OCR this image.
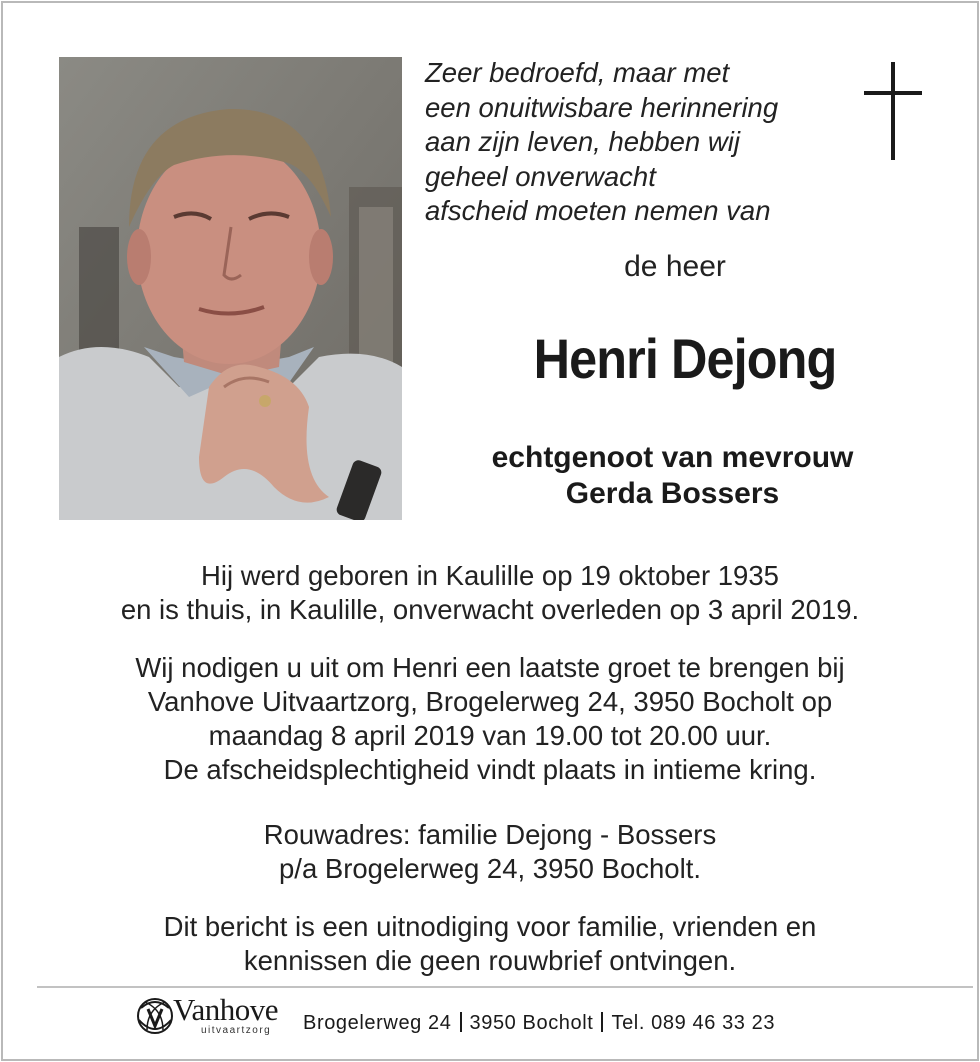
Zeer bedroefd, maar met
een onuitwisbare herinnering
aan zijn leven, hebben wij
geheel onverwacht
afscheid moeten nemen van
de heer
Henri Dejong
echtgenoot van mevrouw
Gerda Bossers
Hij werd geboren in Kaulille op 19 oktober 1935
en is thuis, in Kaulille, onverwacht overleden op 3 april 2019.
Wij nodigen u uit om Henri een laatste groet te brengen bij
Vanhove Uitvaartzorg, Brogelerweg 24, 3950 Bocholt op
maandag 8 april 2019 van 19.00 tot 20.00 uur.
De afscheidsplechtigheid vindt plaats in intieme kring.
Rouwadres: familie Dejong - Bossers
p/a Brogelerweg 24, 3950 Bocholt.
Dit bericht is een uitnodiging voor familie, vrienden en
kennissen die geen rouwbrief ontvingen.
Vanhove
uitvaartzorg Brogelerweg 24 3950 Bocholt Tel. 089 46 33 23
